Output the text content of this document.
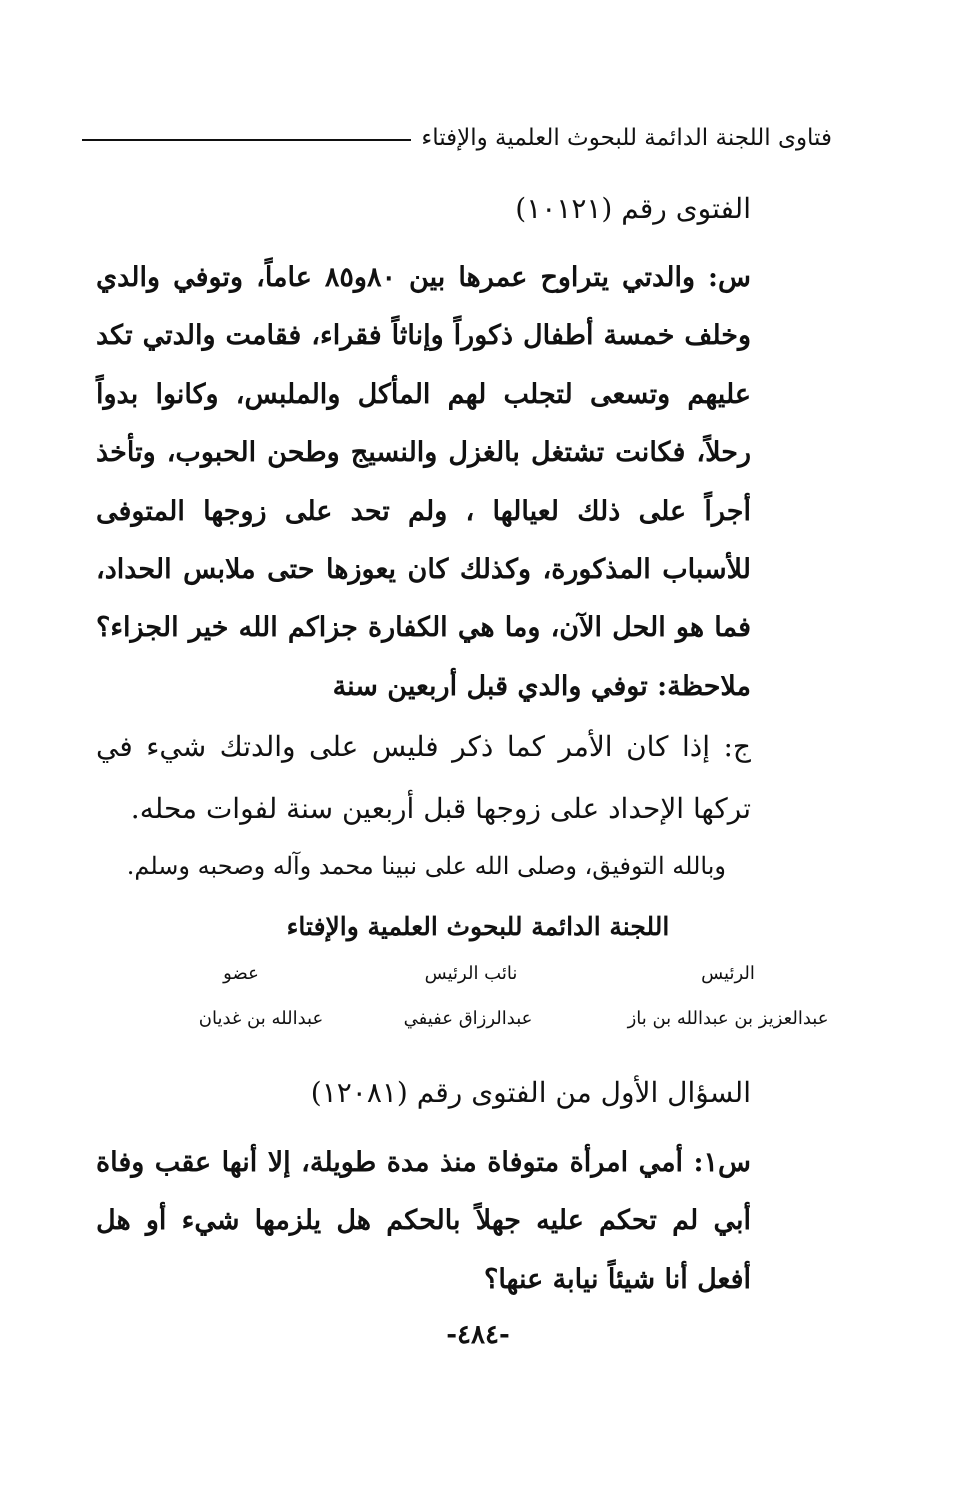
فتاوى اللجنة الدائمة للبحوث العلمية والإفتاء
الفتوى رقم (١٠١٢١)
س: والدتي يتراوح عمرها بين ٨٠و٨٥ عاماً، وتوفي والدي وخلف خمسة أطفال ذكوراً وإناثاً فقراء، فقامت والدتي تكد عليهم وتسعى لتجلب لهم المأكل والملبس، وكانوا بدواً رحلاً، فكانت تشتغل بالغزل والنسيج وطحن الحبوب، وتأخذ أجراً على ذلك لعيالها ، ولم تحد على زوجها المتوفى للأسباب المذكورة، وكذلك كان يعوزها حتى ملابس الحداد، فما هو الحل الآن، وما هي الكفارة جزاكم الله خير الجزاء؟ ملاحظة: توفي والدي قبل أربعين سنة
ج: إذا كان الأمر كما ذكر فليس على والدتك شيء في تركها الإحداد على زوجها قبل أربعين سنة لفوات محله.
وبالله التوفيق، وصلى الله على نبينا محمد وآله وصحبه وسلم.
اللجنة الدائمة للبحوث العلمية والإفتاء
الرئيس
نائب الرئيس
عضو
عبدالعزيز بن عبدالله بن باز
عبدالرزاق عفيفي
عبدالله بن غديان
السؤال الأول من الفتوى رقم (١٢٠٨١)
س١: أمي امرأة متوفاة منذ مدة طويلة، إلا أنها عقب وفاة أبي لم تحكم عليه جهلاً بالحكم هل يلزمها شيء أو هل أفعل أنا شيئاً نيابة عنها؟
-٤٨٤-
